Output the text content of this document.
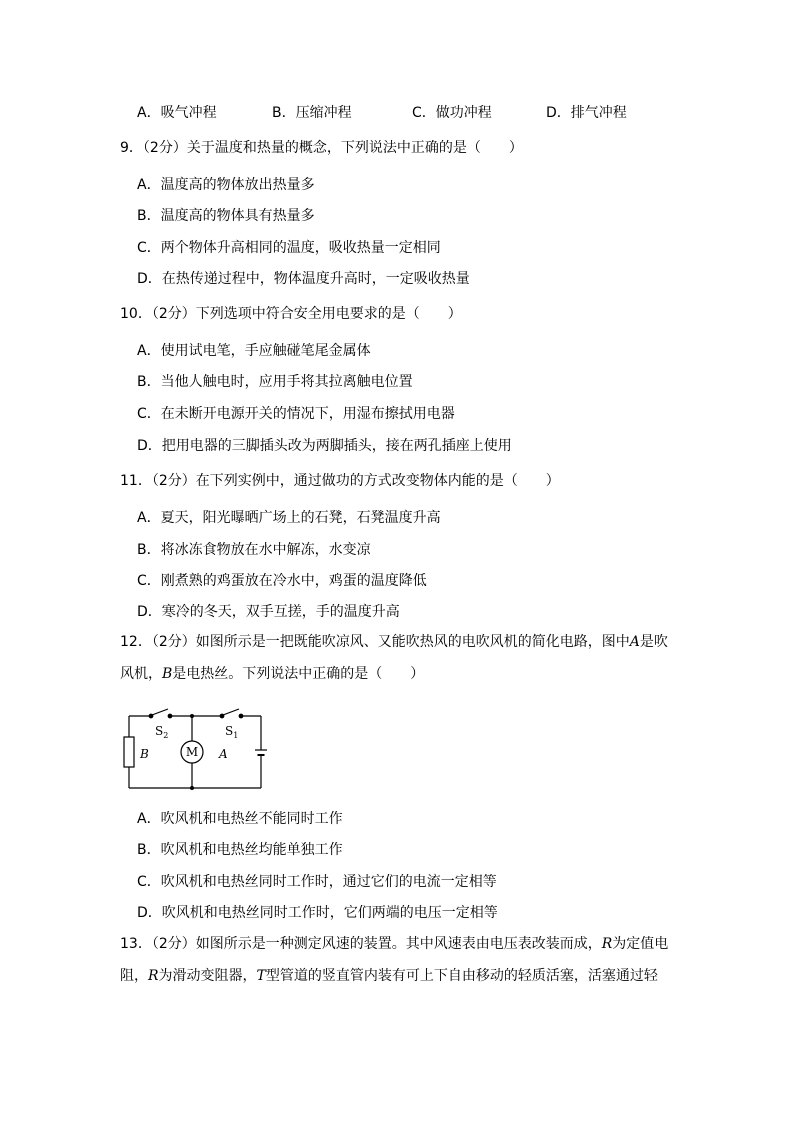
A．吸气冲程	B．压缩冲程	C．做功冲程	D．排气冲程
9．（2分）关于温度和热量的概念，下列说法中正确的是（　　）
A．温度高的物体放出热量多
B．温度高的物体具有热量多
C．两个物体升高相同的温度，吸收热量一定相同
D．在热传递过程中，物体温度升高时，一定吸收热量
10．（2分）下列选项中符合安全用电要求的是（　　）
A．使用试电笔，手应触碰笔尾金属体
B．当他人触电时，应用手将其拉离触电位置
C．在未断开电源开关的情况下，用湿布擦拭用电器
D．把用电器的三脚插头改为两脚插头，接在两孔插座上使用
11．（2分）在下列实例中，通过做功的方式改变物体内能的是（　　）
A．夏天，阳光曝晒广场上的石凳，石凳温度升高
B．将冰冻食物放在水中解冻，水变凉
C．刚煮熟的鸡蛋放在冷水中，鸡蛋的温度降低
D．寒冷的冬天，双手互搓，手的温度升高
12．（2分）如图所示是一把既能吹凉风、又能吹热风的电吹风机的简化电路，图中A是吹风机，B是电热丝。下列说法中正确的是（　　）
$S_2$	$S_1$
M
B	A
A．吹风机和电热丝不能同时工作
B．吹风机和电热丝均能单独工作
C．吹风机和电热丝同时工作时，通过它们的电流一定相等
D．吹风机和电热丝同时工作时，它们两端的电压一定相等
13．（2分）如图所示是一种测定风速的装置。其中风速表由电压表改装而成，R为定值电阻，R为滑动变阻器，T型管道的竖直管内装有可上下自由移动的轻质活塞，活塞通过轻
